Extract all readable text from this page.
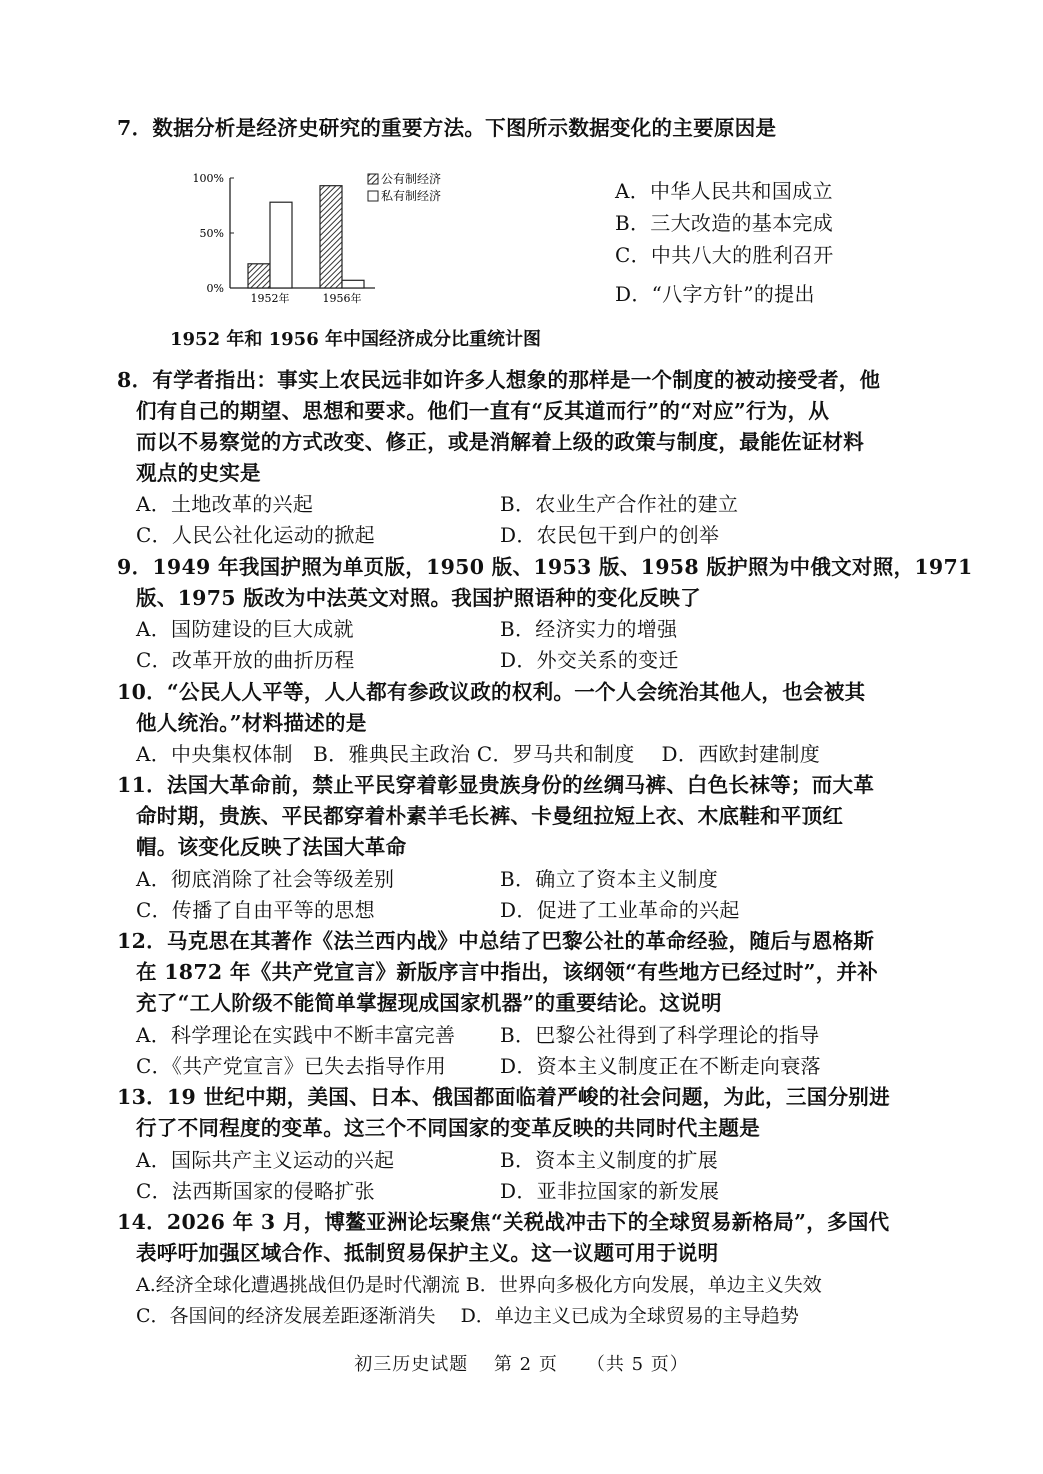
7．数据分析是经济史研究的重要方法。下图所示数据变化的主要原因是
100%
50%
0%
1952年	1956年
公有制经济
私有制经济	A．中华人民共和国成立
B．三大改造的基本完成
C．中共八大的胜利召开
D．“八字方针”的提出
1952 年和 1956 年中国经济成分比重统计图
8．有学者指出：事实上农民远非如许多人想象的那样是一个制度的被动接受者，他
们有自己的期望、思想和要求。他们一直有“反其道而行”的“对应”行为，从
而以不易察觉的方式改变、修正，或是消解着上级的政策与制度，最能佐证材料
观点的史实是
A．土地改革的兴起	B．农业生产合作社的建立
C．人民公社化运动的掀起	D．农民包干到户的创举
9．1949 年我国护照为单页版，1950 版、1953 版、1958 版护照为中俄文对照，1971
版、1975 版改为中法英文对照。我国护照语种的变化反映了
A．国防建设的巨大成就	B．经济实力的增强
C．改革开放的曲折历程	D．外交关系的变迁
10．“公民人人平等，人人都有参政议政的权利。一个人会统治其他人，也会被其
他人统治。”材料描述的是
A．中央集权体制　B．雅典民主政治 C．罗马共和制度　 D．西欧封建制度
11．法国大革命前，禁止平民穿着彰显贵族身份的丝绸马裤、白色长袜等；而大革
命时期，贵族、平民都穿着朴素羊毛长裤、卡曼纽拉短上衣、木底鞋和平顶红
帽。该变化反映了法国大革命
A．彻底消除了社会等级差别	B．确立了资本主义制度
C．传播了自由平等的思想	D．促进了工业革命的兴起
12．马克思在其著作《法兰西内战》中总结了巴黎公社的革命经验，随后与恩格斯
在 1872 年《共产党宣言》新版序言中指出，该纲领“有些地方已经过时”，并补
充了“工人阶级不能简单掌握现成国家机器”的重要结论。这说明
A．科学理论在实践中不断丰富完善 B．巴黎公社得到了科学理论的指导
C．《共产党宣言》已失去指导作用	D．资本主义制度正在不断走向衰落
13．19 世纪中期，美国、日本、俄国都面临着严峻的社会问题，为此，三国分别进
行了不同程度的变革。这三个不同国家的变革反映的共同时代主题是
A．国际共产主义运动的兴起	B．资本主义制度的扩展
C．法西斯国家的侵略扩张	D．亚非拉国家的新发展
14．2026 年 3 月，博鳌亚洲论坛聚焦“关税战冲击下的全球贸易新格局”，多国代
表呼吁加强区域合作、抵制贸易保护主义。这一议题可用于说明
A.经济全球化遭遇挑战但仍是时代潮流 B．世界向多极化方向发展，单边主义失效
C．各国间的经济发展差距逐渐消失　 D．单边主义已成为全球贸易的主导趋势
初三历史试题　 第 2 页　　（共 5 页）
